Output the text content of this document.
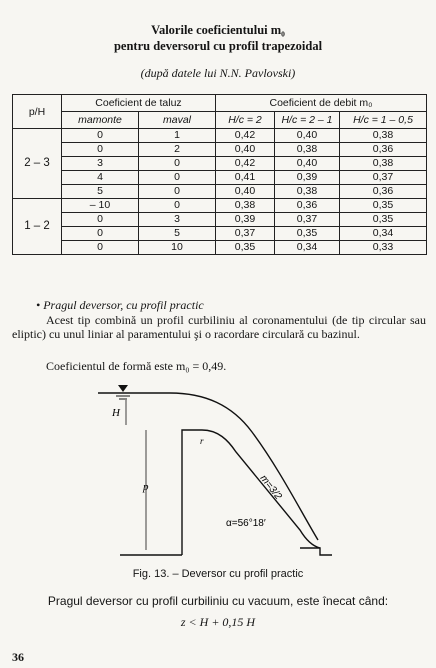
Valorile coeficientului m₀
pentru deversorul cu profil trapezoidal
(după datele lui N.N. Pavlovski)
p/H	Coeficient de taluz		Coeficient de debit m₀		
	mamonte	maval	H/c = 2	H/c = 2 – 1	H/c = 1 – 0,5
2 – 3	0	1	0,42	0,40	0,38
	0	2	0,40	0,38	0,36
	3	0	0,42	0,40	0,38
	4	0	0,41	0,39	0,37
	5	0	0,40	0,38	0,36
1 – 2	– 10	0	0,38	0,36	0,35
	0	3	0,39	0,37	0,35
	0	5	0,37	0,35	0,34
	0	10	0,35	0,34	0,33
• Pragul deversor, cu profil practic
Acest tip combină un profil curbiliniu al coronamentului (de tip circular sau eliptic) cu unul liniar al paramentului şi o racordare circulară cu bazinul.
Coeficientul de formă este m₀ = 0,49.
H
p
r
m=3/2
α=56°18′
Fig. 13. – Deversor cu profil practic
Pragul deversor cu profil curbiliniu cu vacuum, este înecat când:
z < H + 0,15 H
36
